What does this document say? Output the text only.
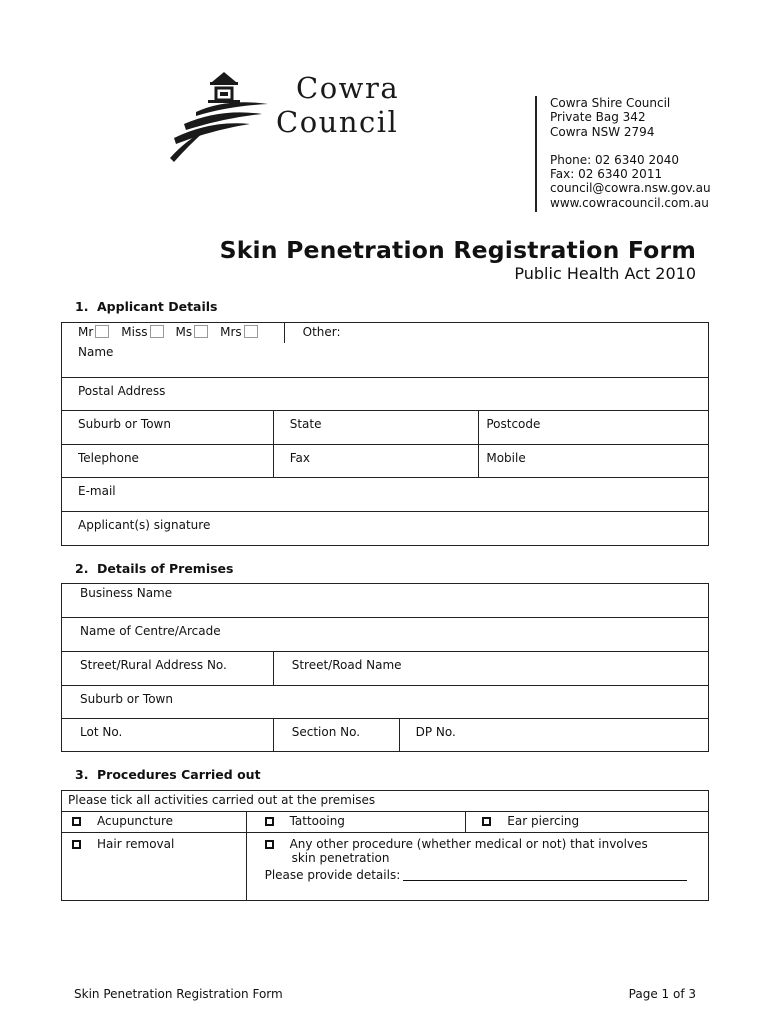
Cowra
Council
Cowra Shire Council
Private Bag 342
Cowra NSW 2794
Phone: 02 6340 2040
Fax: 02 6340 2011
council@cowra.nsw.gov.au
www.cowracouncil.com.au
Skin Penetration Registration Form
Public Health Act 2010
1. Applicant Details
Mr Miss Ms Mrs Other:		
Name		
Postal Address		
Suburb or Town	State	Postcode
Telephone	Fax	Mobile
E-mail		
Applicant(s) signature		
2. Details of Premises
Business Name		
Name of Centre/Arcade		
Street/Rural Address No.	Street/Road Name	
Suburb or Town		
Lot No.	Section No.	DP No.
3. Procedures Carried out
Please tick all activities carried out at the premises		
Acupuncture	Tattooing	Ear piercing
Hair removal	Any other procedure (whether medical or not) that involves
skin penetration
Please provide details:	
Skin Penetration Registration Form	Page 1 of 3
